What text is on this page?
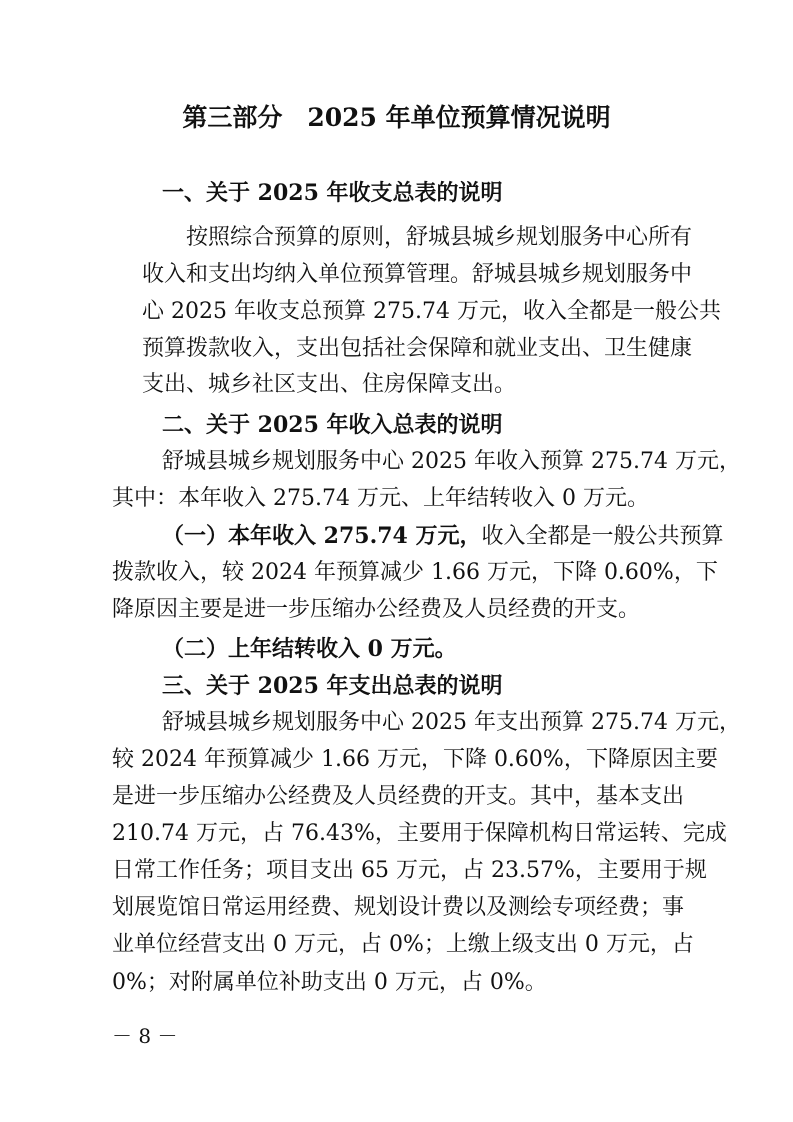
第三部分　2025 年单位预算情况说明

一、关于 2025 年收支总表的说明

按照综合预算的原则，舒城县城乡规划服务中心所有

收入和支出均纳入单位预算管理。舒城县城乡规划服务中

心 2025 年收支总预算 275.74 万元，收入全都是一般公共

预算拨款收入，支出包括社会保障和就业支出、卫生健康

支出、城乡社区支出、住房保障支出。

二、关于 2025 年收入总表的说明

舒城县城乡规划服务中心 2025 年收入预算 275.74 万元，

其中：本年收入 275.74 万元、上年结转收入 0 万元。

（一）本年收入 275.74 万元，收入全都是一般公共预算

拨款收入，较 2024 年预算减少 1.66 万元，下降 0.60%，下

降原因主要是进一步压缩办公经费及人员经费的开支。

（二）上年结转收入 0 万元。

三、关于 2025 年支出总表的说明

舒城县城乡规划服务中心 2025 年支出预算 275.74 万元，

较 2024 年预算减少 1.66 万元，下降 0.60%，下降原因主要

是进一步压缩办公经费及人员经费的开支。其中，基本支出

210.74 万元，占 76.43%，主要用于保障机构日常运转、完成

日常工作任务；项目支出 65 万元，占 23.57%，主要用于规

划展览馆日常运用经费、规划设计费以及测绘专项经费；事

业单位经营支出 0 万元，占 0%；上缴上级支出 0 万元，占

0%；对附属单位补助支出 0 万元，占 0%。

－ 8 －
